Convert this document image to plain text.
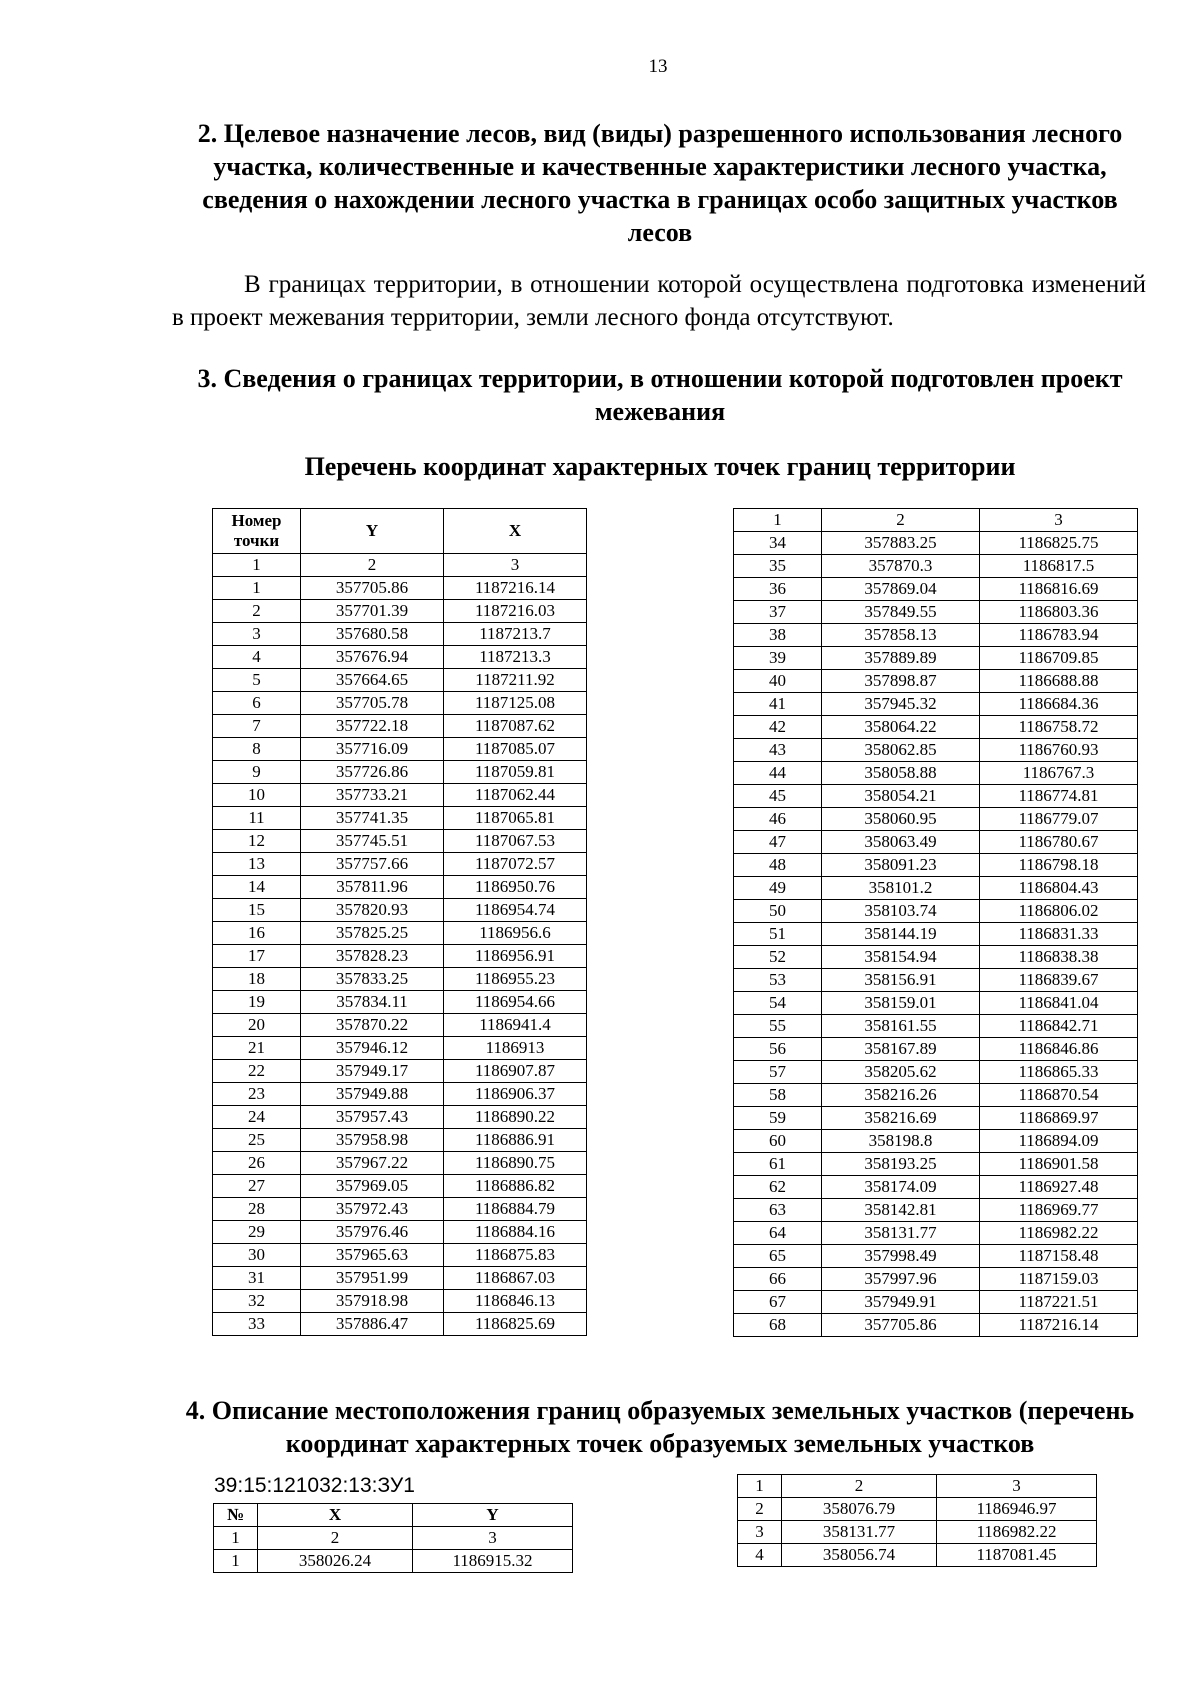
13
2. Целевое назначение лесов, вид (виды) разрешенного использования лесного участка, количественные и качественные характеристики лесного участка, сведения о нахождении лесного участка в границах особо защитных участков лесов
В границах территории, в отношении которой осуществлена подготовка изменений в проект межевания территории, земли лесного фонда отсутствуют.
3. Сведения о границах территории, в отношении которой подготовлен проект межевания
Перечень координат характерных точек границ территории
Номер точки	Y	X
1	2	3
1	357705.86	1187216.14
2	357701.39	1187216.03
3	357680.58	1187213.7
4	357676.94	1187213.3
5	357664.65	1187211.92
6	357705.78	1187125.08
7	357722.18	1187087.62
8	357716.09	1187085.07
9	357726.86	1187059.81
10	357733.21	1187062.44
11	357741.35	1187065.81
12	357745.51	1187067.53
13	357757.66	1187072.57
14	357811.96	1186950.76
15	357820.93	1186954.74
16	357825.25	1186956.6
17	357828.23	1186956.91
18	357833.25	1186955.23
19	357834.11	1186954.66
20	357870.22	1186941.4
21	357946.12	1186913
22	357949.17	1186907.87
23	357949.88	1186906.37
24	357957.43	1186890.22
25	357958.98	1186886.91
26	357967.22	1186890.75
27	357969.05	1186886.82
28	357972.43	1186884.79
29	357976.46	1186884.16
30	357965.63	1186875.83
31	357951.99	1186867.03
32	357918.98	1186846.13
33	357886.47	1186825.69
1	2	3
34	357883.25	1186825.75
35	357870.3	1186817.5
36	357869.04	1186816.69
37	357849.55	1186803.36
38	357858.13	1186783.94
39	357889.89	1186709.85
40	357898.87	1186688.88
41	357945.32	1186684.36
42	358064.22	1186758.72
43	358062.85	1186760.93
44	358058.88	1186767.3
45	358054.21	1186774.81
46	358060.95	1186779.07
47	358063.49	1186780.67
48	358091.23	1186798.18
49	358101.2	1186804.43
50	358103.74	1186806.02
51	358144.19	1186831.33
52	358154.94	1186838.38
53	358156.91	1186839.67
54	358159.01	1186841.04
55	358161.55	1186842.71
56	358167.89	1186846.86
57	358205.62	1186865.33
58	358216.26	1186870.54
59	358216.69	1186869.97
60	358198.8	1186894.09
61	358193.25	1186901.58
62	358174.09	1186927.48
63	358142.81	1186969.77
64	358131.77	1186982.22
65	357998.49	1187158.48
66	357997.96	1187159.03
67	357949.91	1187221.51
68	357705.86	1187216.14
4. Описание местоположения границ образуемых земельных участков (перечень координат характерных точек образуемых земельных участков
39:15:121032:13:ЗУ1
№	X	Y
1	2	3
1	358026.24	1186915.32
1	2	3
2	358076.79	1186946.97
3	358131.77	1186982.22
4	358056.74	1187081.45
